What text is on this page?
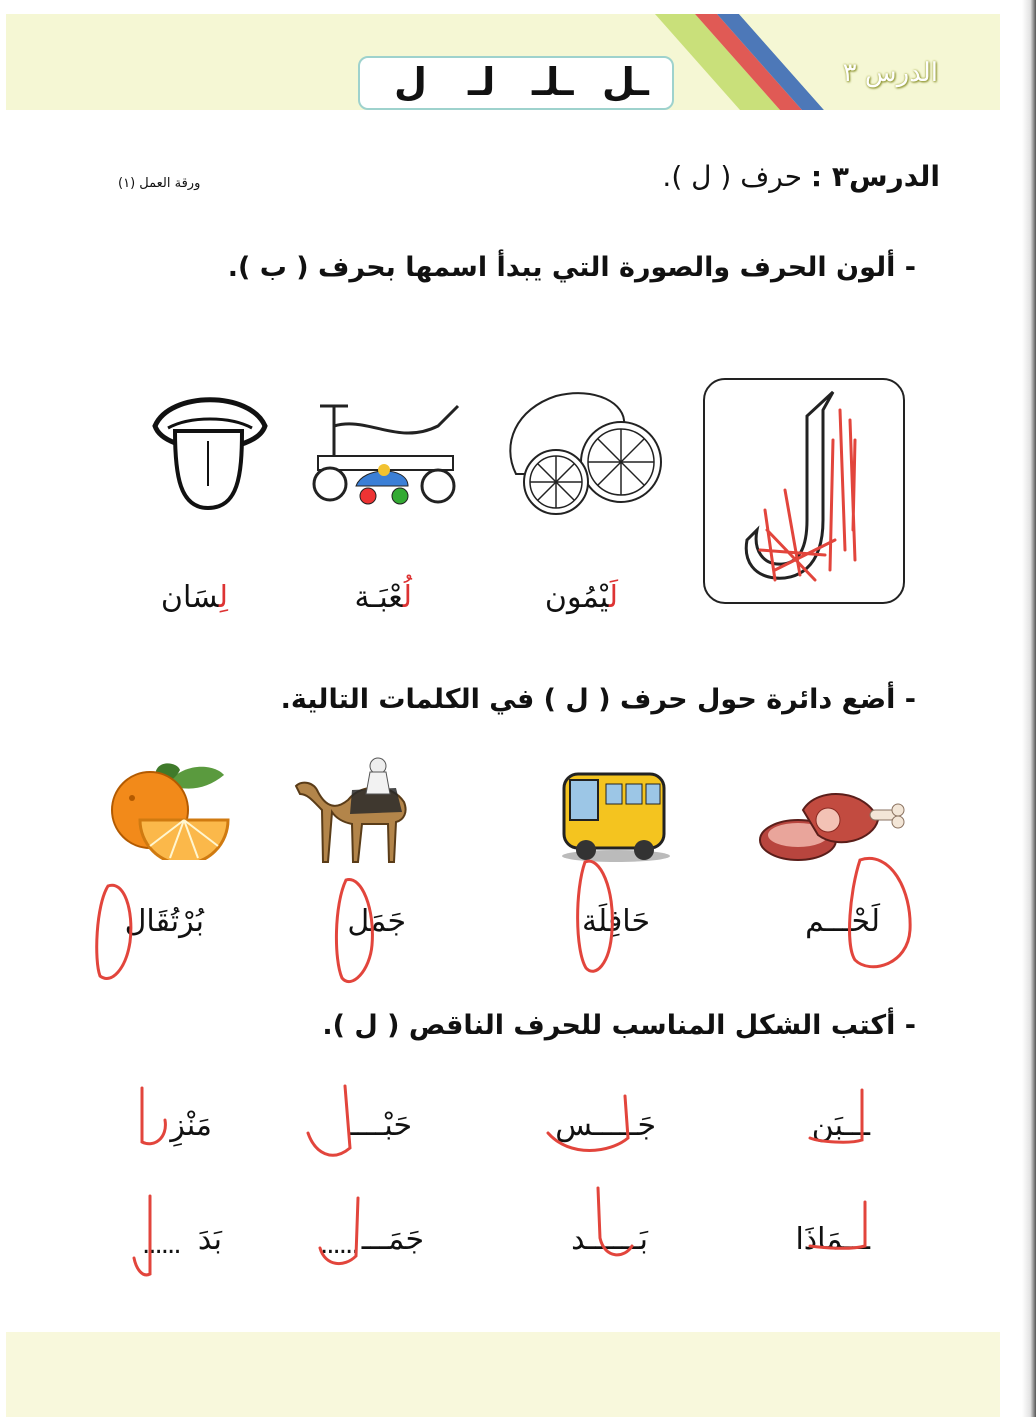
الدرس ٣
ـل
ـلـ
لـ
ل
الدرس٣ : حرف ( ل ).
ورقة العمل (١)
- ألون الحرف والصورة التي يبدأ اسمها بحرف ( ب ).
لَيْمُون
لُعْبَـة
لِسَان
- أضع دائرة حول حرف ( ل ) في الكلمات التالية.
لَحْـــم
حَافِلَة
جَمَل
بُرْتُقَال
- أكتب الشكل المناسب للحرف الناقص ( ل ).
ـــبَن
جَـــــس
حَبْــــ
مَنْزِ
ـــمَاذَا
بَــــــد
جَمَـــ
......
بَدَ
......
